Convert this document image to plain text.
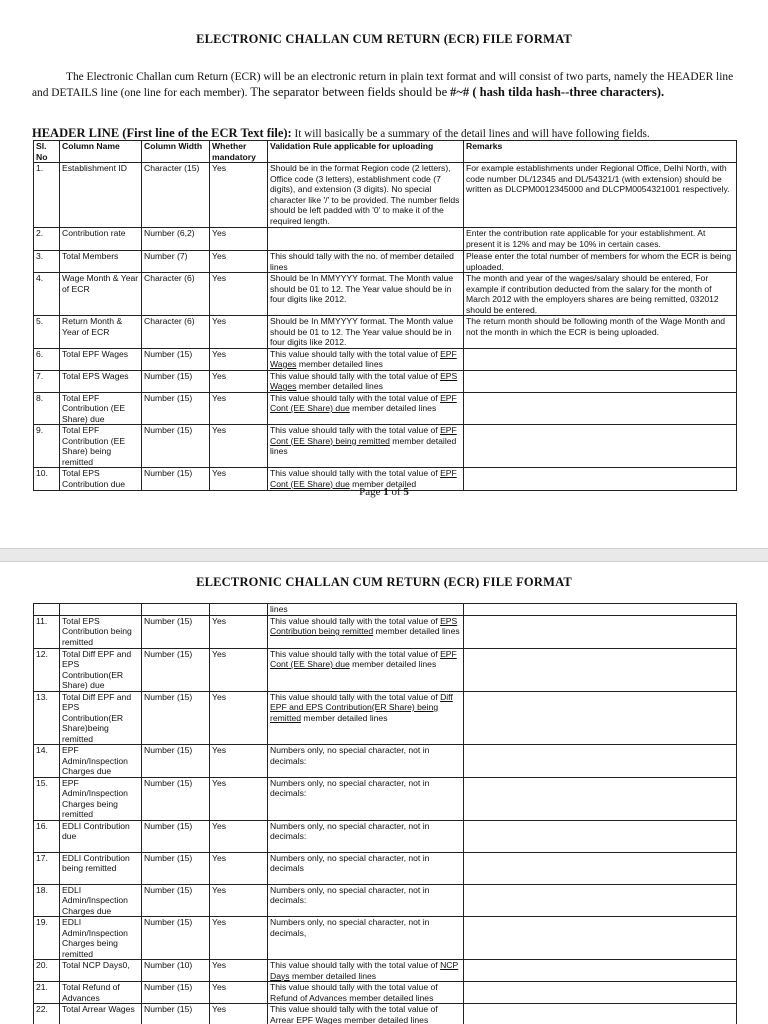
ELECTRONIC CHALLAN CUM RETURN (ECR) FILE FORMAT
The Electronic Challan cum Return (ECR) will be an electronic return in plain text format and will consist of two parts, namely the HEADER line and DETAILS line (one line for each member). The separator between fields should be #~# ( hash tilda hash--three characters).
HEADER LINE (First line of the ECR Text file): It will basically be a summary of the detail lines and will have following fields.
Sl. No	Column Name	Column Width	Whether mandatory	Validation Rule applicable for uploading	Remarks
1.	Establishment ID	Character (15)	Yes	Should be in the format Region code (2 letters), Office code (3 letters), establishment code (7 digits), and extension (3 digits). No special character like '/' to be provided. The number fields should be left padded with '0' to make it of the required length.	For example establishments under Regional Office, Delhi North, with code number DL/12345 and DL/54321/1 (with extension) should be written as DLCPM0012345000 and DLCPM0054321001 respectively.
2.	Contribution rate	Number (6,2)	Yes		Enter the contribution rate applicable for your establishment. At present it is 12% and may be 10% in certain cases.
3.	Total Members	Number (7)	Yes	This should tally with the no. of member detailed lines	Please enter the total number of members for whom the ECR is being uploaded.
4.	Wage Month & Year of ECR	Character (6)	Yes	Should be In MMYYYY format. The Month value should be 01 to 12. The Year value should be in four digits like 2012.	The month and year of the wages/salary should be entered, For example if contribution deducted from the salary for the month of March 2012 with the employers shares are being remitted, 032012 should be entered.
5.	Return Month & Year of ECR	Character (6)	Yes	Should be In MMYYYY format. The Month value should be 01 to 12. The Year value should be in four digits like 2012.	The return month should be following month of the Wage Month and not the month in which the ECR is being uploaded.
6.	Total EPF Wages	Number (15)	Yes	This value should tally with the total value of EPF Wages member detailed lines	
7.	Total EPS Wages	Number (15)	Yes	This value should tally with the total value of EPS Wages member detailed lines	
8.	Total EPF Contribution (EE Share) due	Number (15)	Yes	This value should tally with the total value of EPF Cont (EE Share) due member detailed lines	
9.	Total EPF Contribution (EE Share) being remitted	Number (15)	Yes	This value should tally with the total value of EPF Cont (EE Share) being remitted member detailed lines	
10.	Total EPS Contribution due	Number (15)	Yes	This value should tally with the total value of EPF Cont (EE Share) due member detailed	
Page 1 of 5
ELECTRONIC CHALLAN CUM RETURN (ECR) FILE FORMAT
				lines	
11.	Total EPS Contribution being remitted	Number (15)	Yes	This value should tally with the total value of EPS Contribution being remitted member detailed lines	
12.	Total Diff EPF and EPS Contribution(ER Share) due	Number (15)	Yes	This value should tally with the total value of EPF Cont (EE Share) due member detailed lines	
13.	Total Diff EPF and EPS Contribution(ER Share)being remitted	Number (15)	Yes	This value should tally with the total value of Diff EPF and EPS Contribution(ER Share) being remitted member detailed lines	
14.	EPF Admin/Inspection Charges due	Number (15)	Yes	Numbers only, no special character, not in decimals:	
15.	EPF Admin/Inspection Charges being remitted	Number (15)	Yes	Numbers only, no special character, not in decimals:	
16.	EDLI Contribution due	Number (15)	Yes	Numbers only, no special character, not in decimals:	
17.	EDLI Contribution being remitted	Number (15)	Yes	Numbers only, no special character, not in decimals	
18.	EDLI Admin/Inspection Charges due	Number (15)	Yes	Numbers only, no special character, not in decimals:	
19.	EDLI Admin/Inspection Charges being remitted	Number (15)	Yes	Numbers only, no special character, not in decimals,	
20.	Total NCP Days0,	Number (10)	Yes	This value should tally with the total value of NCP Days member detailed lines	
21.	Total Refund of Advances	Number (15)	Yes	This value should tally with the total value of Refund of Advances member detailed lines	
22.	Total Arrear Wages	Number (15)	Yes	This value should tally with the total value of Arrear EPF Wages member detailed lines	
